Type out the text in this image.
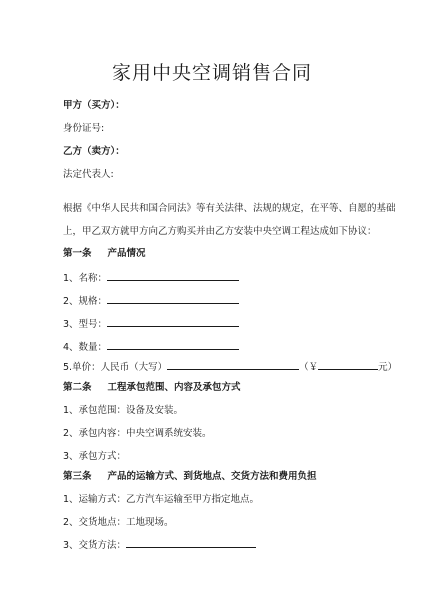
家用中央空调销售合同
甲方（买方）：
身份证号:
乙方（卖方）：
法定代表人:
根据《中华人民共和国合同法》等有关法律、法规的规定，在平等、自愿的基础
上，甲乙双方就甲方向乙方购买并由乙方安装中央空调工程达成如下协议：
第一条 产品情况
1、名称：
2、规格：
3、型号：
4、数量：
5.单价：人民币（大写）	（￥	元）
第二条 工程承包范围、内容及承包方式
1、承包范围：设备及安装。
2、承包内容：中央空调系统安装。
3、承包方式：
第三条 产品的运输方式、到货地点、交货方法和费用负担
1、运输方式：乙方汽车运输至甲方指定地点。
2、交货地点：工地现场。
3、交货方法：
